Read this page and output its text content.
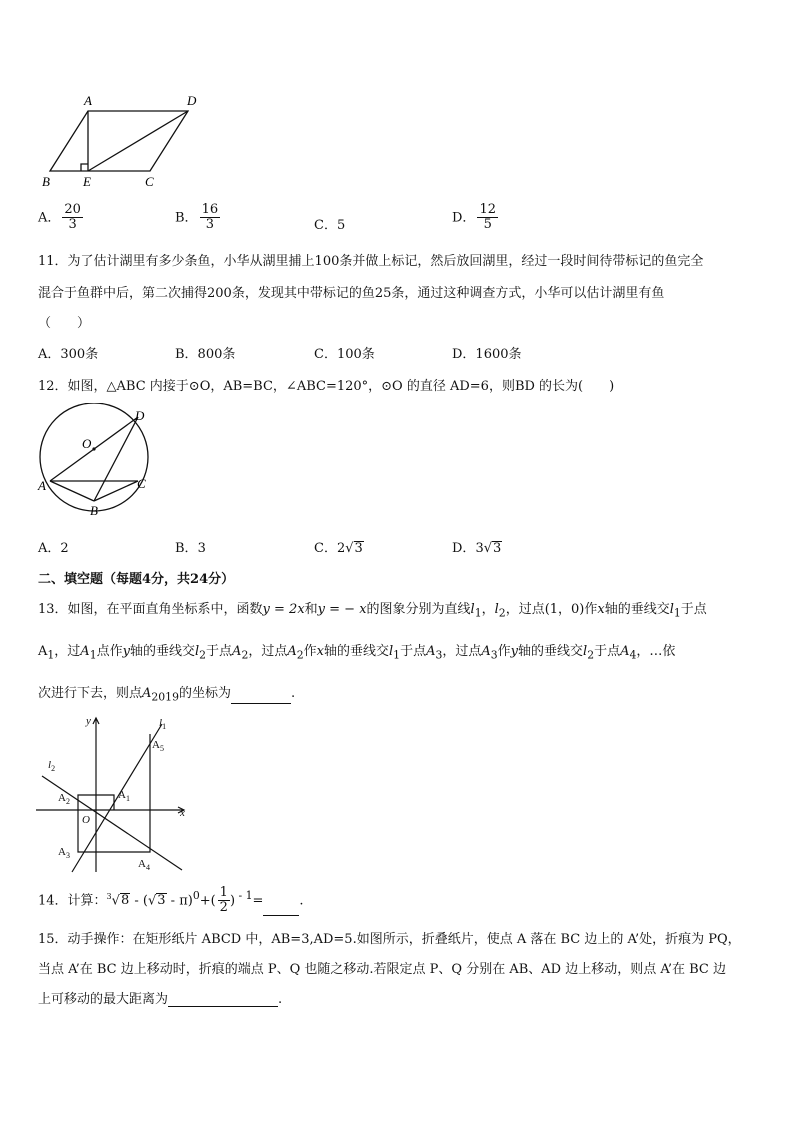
A	D
B	E	C
A． $\frac{20}{3}$	B． $\frac{16}{3}$	C．5
D． $\frac{12}{5}$
11．为了估计湖里有多少条鱼，小华从湖里捕上100条并做上标记，然后放回湖里，经过一段时间待带标记的鱼完全
混合于鱼群中后，第二次捕得200条，发现其中带标记的鱼25条，通过这种调查方式，小华可以估计湖里有鱼
（　　）
A．300条	B．800条	C．100条	D．1600条
12．如图，△ABC 内接于⊙O，AB=BC，∠ABC=120°，⊙O 的直径 AD=6，则BD 的长为(　　)
O
D
A	C
B
A．2	B．3	C．2√3	D．3√3
二、填空题（每题4分，共24分）
13．如图，在平面直角坐标系中，函数y = 2x和y = − x的图象分别为直线$l_1$，$l_2$，过点(1，0)作x轴的垂线交$l_1$于点
$A_1$，过$A_1$点作y轴的垂线交$l_2$于点$A_2$，过点$A_2$作x轴的垂线交$l_1$于点$A_3$，过点$A_3$作y轴的垂线交$l_2$于点$A_4$，…依
次进行下去，则点$A_{2019}$的坐标为	.
y
x
O
$l_1$
$l_2$
$A_5$
$A_1$
$A_2$
$A_3$
$A_4$
14．计算：$^3√8 - (√3 - \pi)^0+( \frac{1}{2}$ ) $^{- 1}$=	.
15．动手操作：在矩形纸片 ABCD 中，AB=3,AD=5.如图所示，折叠纸片，使点 A 落在 BC 边上的 A’处，折痕为 PQ，
当点 A’在 BC 边上移动时，折痕的端点 P、Q 也随之移动.若限定点 P、Q 分别在 AB、AD 边上移动，则点 A’在 BC 边
上可移动的最大距离为	.
